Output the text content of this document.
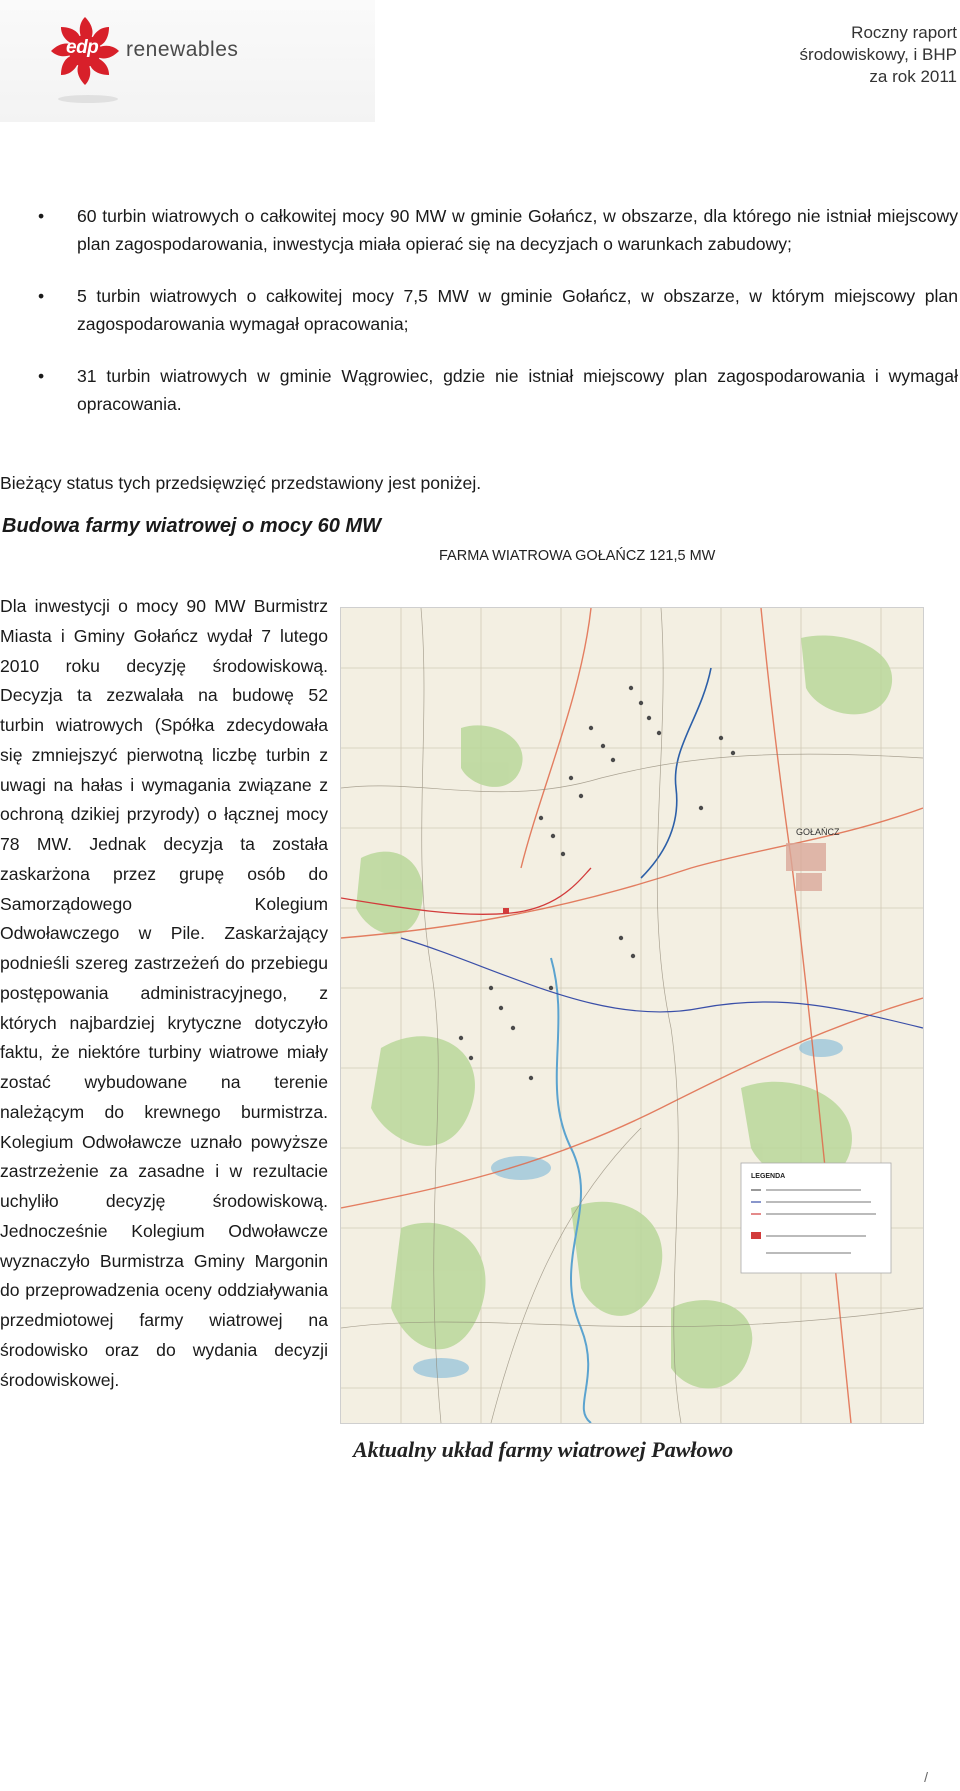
edp renewables
Roczny raport
środowiskowy, i BHP
za rok 2011
• 60 turbin wiatrowych o całkowitej mocy 90 MW w gminie Gołańcz, w obszarze, dla którego nie istniał miejscowy plan zagospodarowania, inwestycja miała opierać się na decyzjach o warunkach zabudowy;
• 5 turbin wiatrowych o całkowitej mocy 7,5 MW w gminie Gołańcz, w obszarze, w którym miejscowy plan zagospodarowania wymagał opracowania;
• 31 turbin wiatrowych w gminie Wągrowiec, gdzie nie istniał miejscowy plan zagospodarowania i wymagał opracowania.
Bieżący status tych przedsięwzięć przedstawiony jest poniżej.
Budowa farmy wiatrowej o mocy 60 MW
FARMA WIATROWA GOŁAŃCZ 121,5 MW
Dla inwestycji o mocy 90 MW Burmistrz Miasta i Gminy Gołańcz wydał 7 lutego 2010 roku decyzję środowiskową. Decyzja ta zezwalała na budowę 52 turbin wiatrowych (Spółka zdecydowała się zmniejszyć pierwotną liczbę turbin z uwagi na hałas i wymagania związane z ochroną dzikiej przyrody) o łącznej mocy 78 MW. Jednak decyzja ta została zaskarżona przez grupę osób do Samorządowego Kolegium Odwoławczego w Pile. Zaskarżający podnieśli szereg zastrzeżeń do przebiegu postępowania administracyjnego, z których najbardziej krytyczne dotyczyło faktu, że niektóre turbiny wiatrowe miały zostać wybudowane na terenie należącym do krewnego burmistrza. Kolegium Odwoławcze uznało powyższe zastrzeżenie za zasadne i w rezultacie uchyliło decyzję środowiskową. Jednocześnie Kolegium Odwoławcze wyznaczyło Burmistrza Gminy Margonin do przeprowadzenia oceny oddziaływania przedmiotowej farmy wiatrowej na środowisko oraz do wydania decyzji środowiskowej.
GOŁAŃCZ
LEGENDA
Aktualny układ farmy wiatrowej Pawłowo
/
